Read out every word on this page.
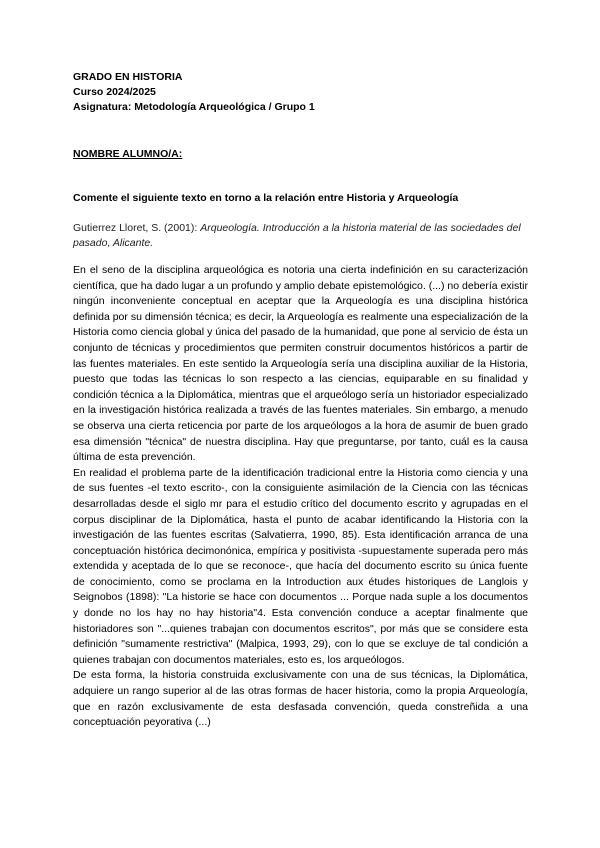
GRADO EN HISTORIA

Curso 2024/2025

Asignatura: Metodología Arqueológica / Grupo 1

NOMBRE ALUMNO/A:

Comente el siguiente texto en torno a la relación entre Historia y Arqueología

Gutierrez Lloret, S. (2001): Arqueología. Introducción a la historia material de las sociedades del pasado, Alicante.

En el seno de la disciplina arqueológica es notoria una cierta indefinición en su caracterización científica, que ha dado lugar a un profundo y amplio debate epistemológico. (...) no debería existir ningún inconveniente conceptual en aceptar que la Arqueología es una disciplina histórica definida por su dimensión técnica; es decir, la Arqueología es realmente una especialización de la Historia como ciencia global y única del pasado de la humanidad, que pone al servicio de ésta un conjunto de técnicas y procedimientos que permiten construir documentos históricos a partir de las fuentes materiales. En este sentido la Arqueología sería una disciplina auxiliar de la Historia, puesto que todas las técnicas lo son respecto a las ciencias, equiparable en su finalidad y condición técnica a la Diplomática, mientras que el arqueólogo sería un historiador especializado en la investigación histórica realizada a través de las fuentes materiales. Sin embargo, a menudo se observa una cierta reticencia por parte de los arqueólogos a la hora de asumir de buen grado esa dimensión "técnica" de nuestra disciplina. Hay que preguntarse, por tanto, cuál es la causa última de esta prevención.

En realidad el problema parte de la identificación tradicional entre la Historia como ciencia y una de sus fuentes -el texto escrito-, con la consiguiente asimilación de la Ciencia con las técnicas desarrolladas desde el siglo mr para el estudio crítico del documento escrito y agrupadas en el corpus disciplinar de la Diplomática, hasta el punto de acabar identificando la Historia con la investigación de las fuentes escritas (Salvatierra, 1990, 85). Esta identificación arranca de una conceptuación histórica decimonónica, empírica y positivista -supuestamente superada pero más extendida y aceptada de lo que se reconoce-, que hacía del documento escrito su única fuente de conocimiento, como se proclama en la Introduction aux études historiques de Langlois y Seignobos (1898): "La historie se hace con documentos ... Porque nada suple a los documentos y donde no los hay no hay historia"4. Esta convención conduce a aceptar finalmente que historiadores son "...quienes trabajan con documentos escritos", por más que se considere esta definición "sumamente restrictiva" (Malpica, 1993, 29), con lo que se excluye de tal condición a quienes trabajan con documentos materiales, esto es, los arqueólogos.

De esta forma, la historia construida exclusivamente con una de sus técnicas, la Diplomática, adquiere un rango superior al de las otras formas de hacer historia, como la propia Arqueología, que en razón exclusivamente de esta desfasada convención, queda constreñida a una conceptuación peyorativa (...)
